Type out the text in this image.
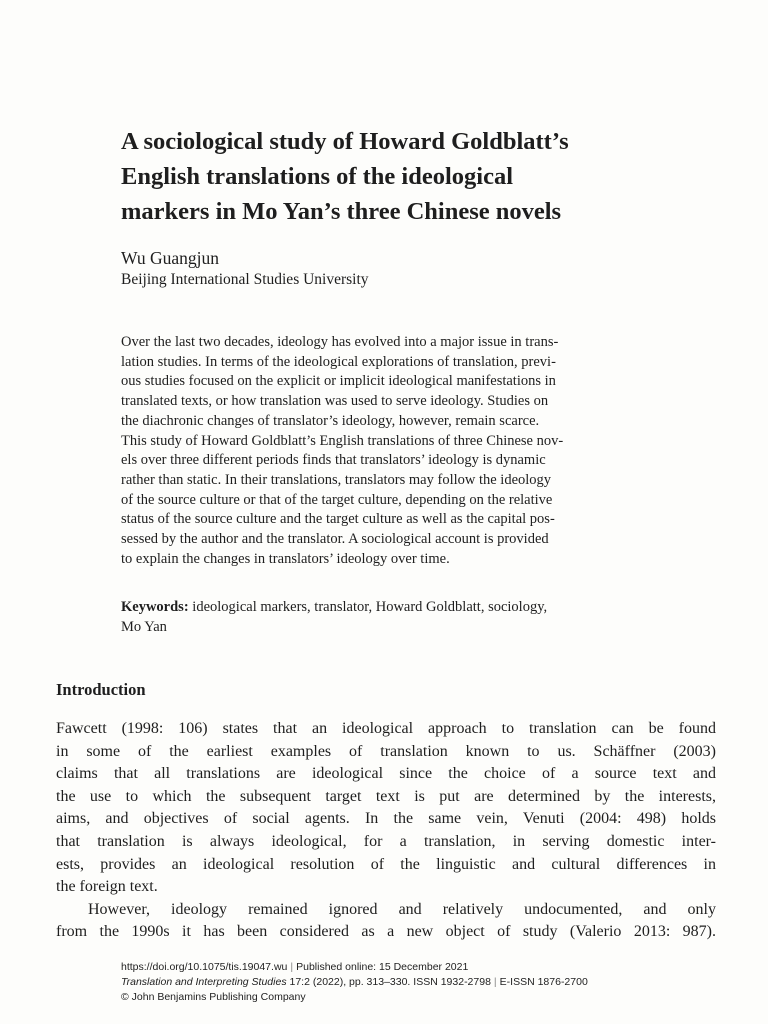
A sociological study of Howard Goldblatt’s
English translations of the ideological
markers in Mo Yan’s three Chinese novels

Wu Guangjun

Beijing International Studies University

Over the last two decades, ideology has evolved into a major issue in trans-
lation studies. In terms of the ideological explorations of translation, previ-
ous studies focused on the explicit or implicit ideological manifestations in
translated texts, or how translation was used to serve ideology. Studies on
the diachronic changes of translator’s ideology, however, remain scarce.
This study of Howard Goldblatt’s English translations of three Chinese nov-
els over three different periods finds that translators’ ideology is dynamic
rather than static. In their translations, translators may follow the ideology
of the source culture or that of the target culture, depending on the relative
status of the source culture and the target culture as well as the capital pos-
sessed by the author and the translator. A sociological account is provided
to explain the changes in translators’ ideology over time.
Keywords: ideological markers, translator, Howard Goldblatt, sociology,
Mo Yan
Introduction
Fawcett (1998: 106) states that an ideological approach to translation can be found
in some of the earliest examples of translation known to us. Schäffner (2003)
claims that all translations are ideological since the choice of a source text and
the use to which the subsequent target text is put are determined by the interests,
aims, and objectives of social agents. In the same vein, Venuti (2004: 498) holds
that translation is always ideological, for a translation, in serving domestic inter-
ests, provides an ideological resolution of the linguistic and cultural differences in
the foreign text.
However, ideology remained ignored and relatively undocumented, and only
from the 1990s it has been considered as a new object of study (Valerio 2013: 987).
https://doi.org/10.1075/tis.19047.wu | Published online: 15 December 2021
Translation and Interpreting Studies 17:2 (2022), pp. 313–330. ISSN 1932-2798 | E-ISSN 1876-2700
© John Benjamins Publishing Company
